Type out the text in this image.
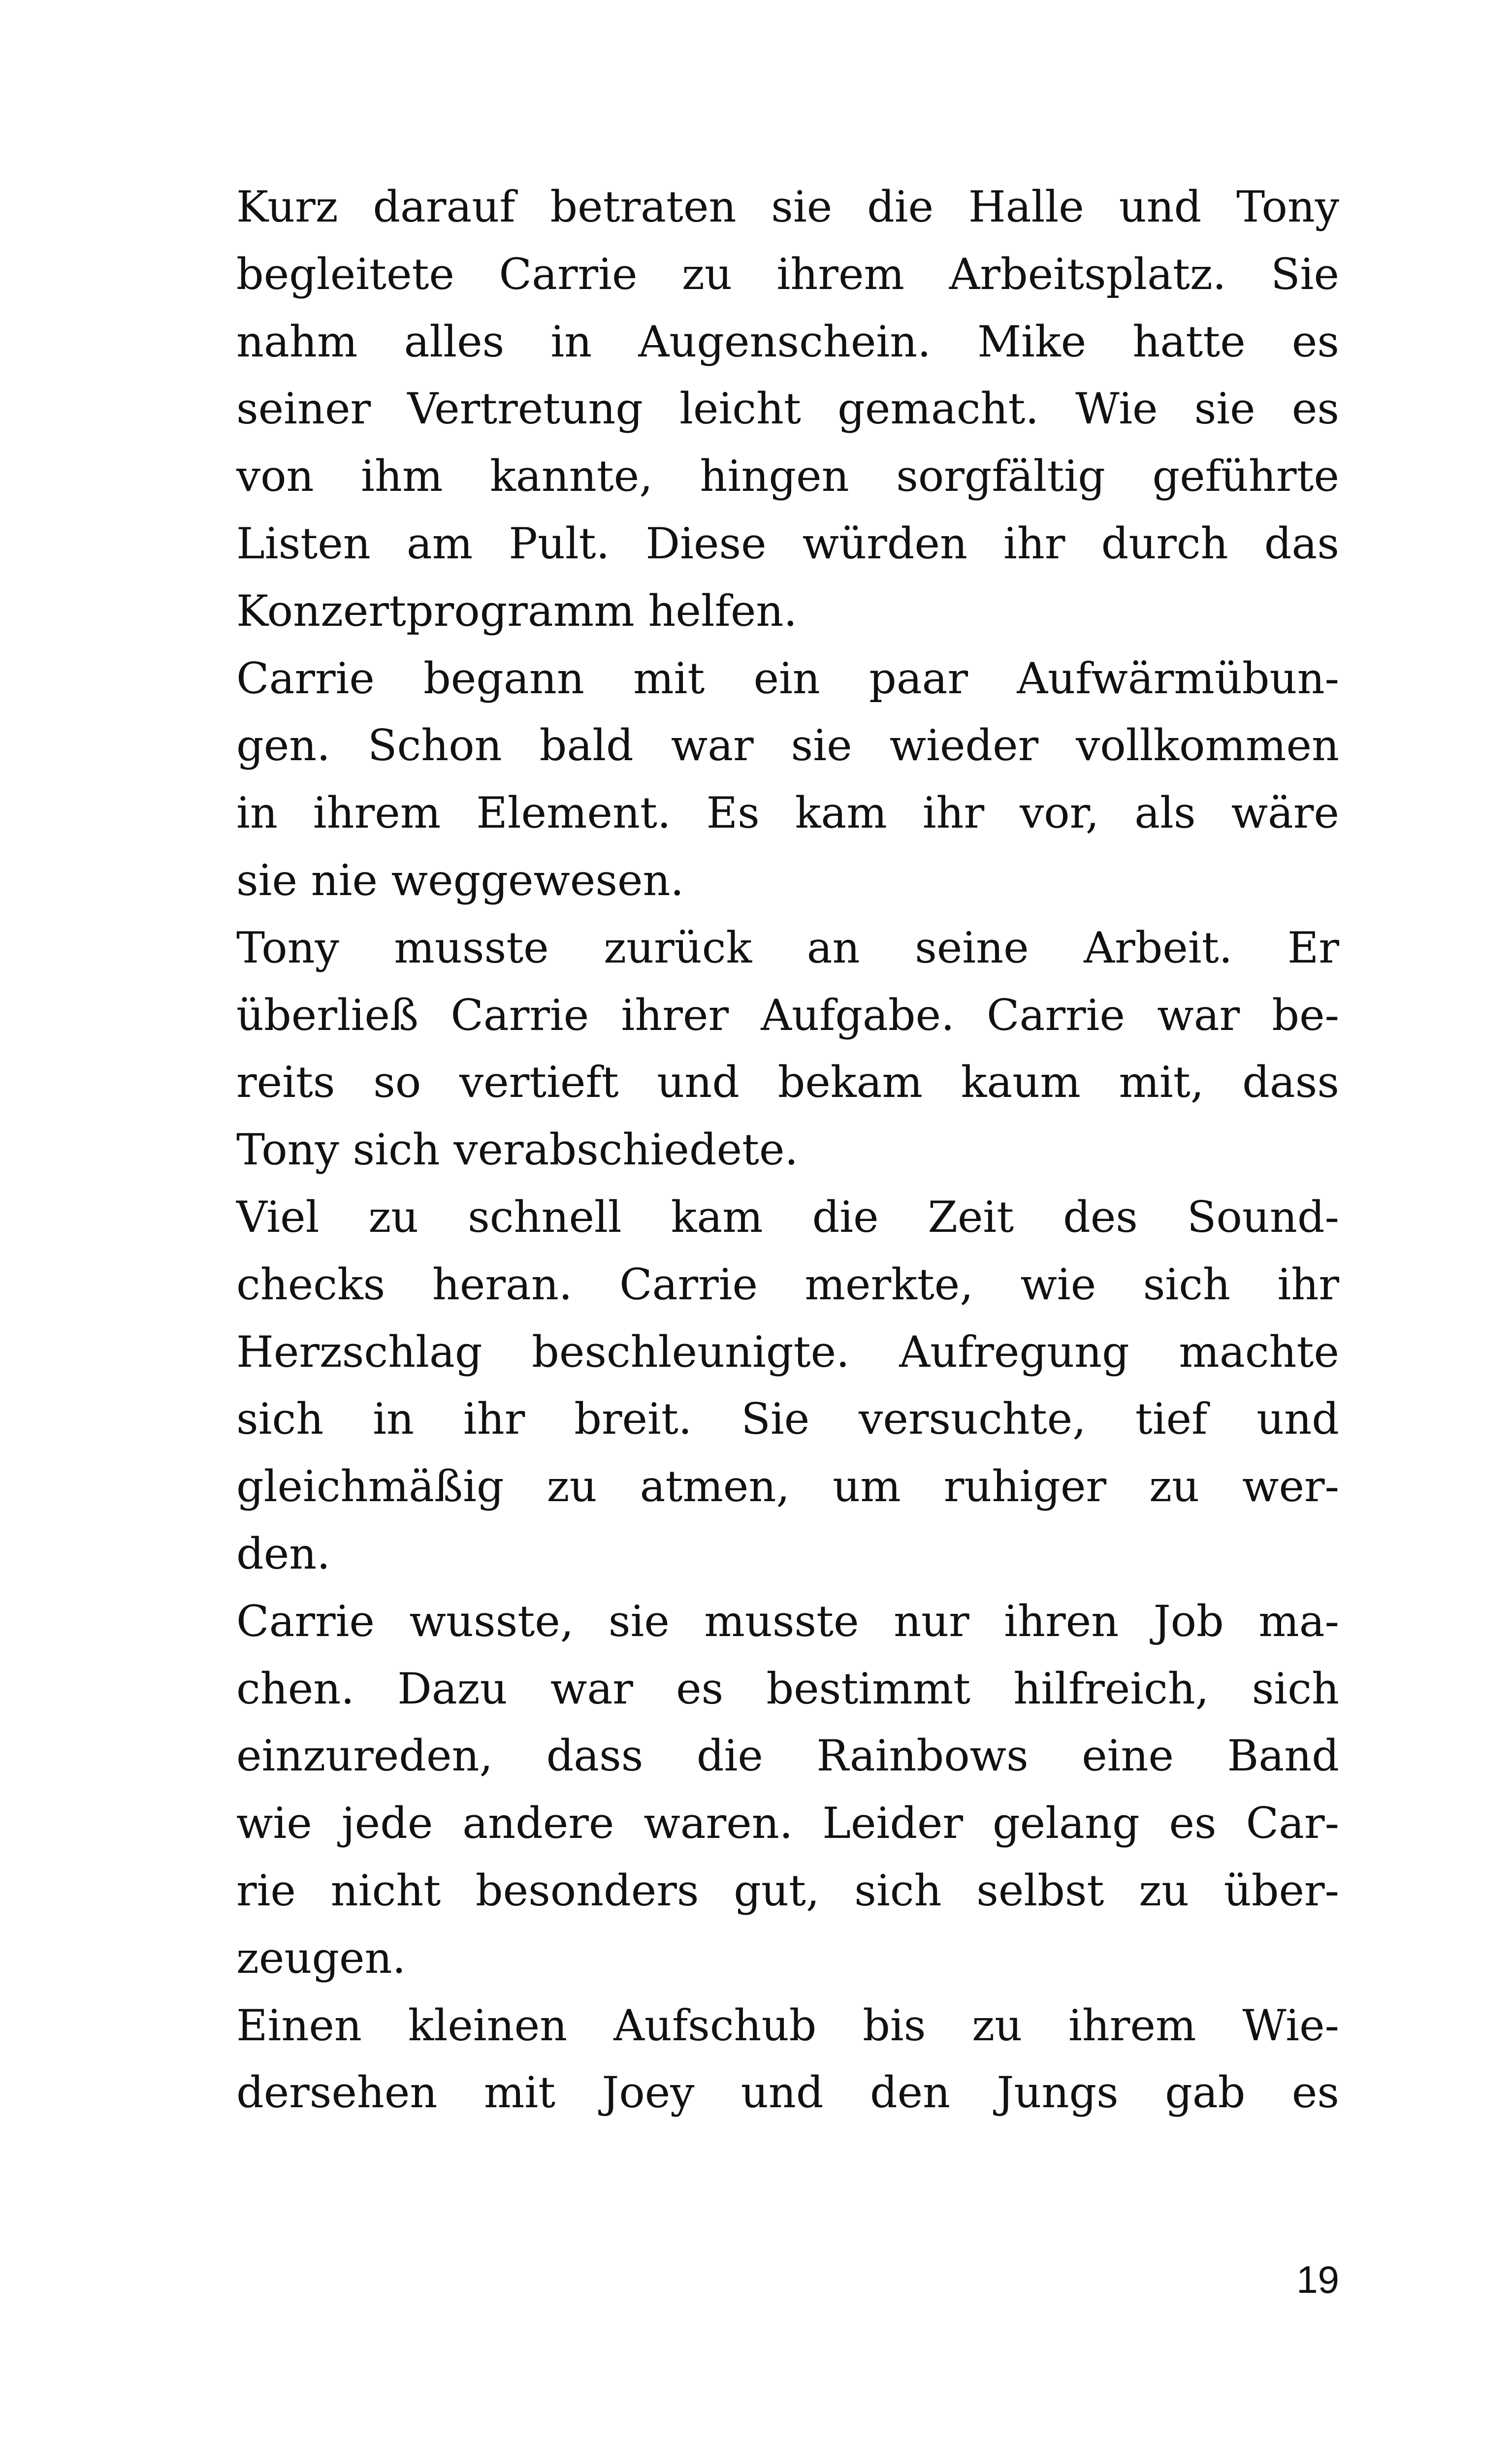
Kurz darauf betraten sie die Halle und Tony
begleitete Carrie zu ihrem Arbeitsplatz. Sie
nahm alles in Augenschein. Mike hatte es
seiner Vertretung leicht gemacht. Wie sie es
von ihm kannte, hingen sorgfältig geführte
Listen am Pult. Diese würden ihr durch das
Konzertprogramm helfen.
Carrie begann mit ein paar Aufwärmübun-
gen. Schon bald war sie wieder vollkommen
in ihrem Element. Es kam ihr vor, als wäre
sie nie weggewesen.
Tony musste zurück an seine Arbeit. Er
überließ Carrie ihrer Aufgabe. Carrie war be-
reits so vertieft und bekam kaum mit, dass
Tony sich verabschiedete.
Viel zu schnell kam die Zeit des Sound-
checks heran. Carrie merkte, wie sich ihr
Herzschlag beschleunigte. Aufregung machte
sich in ihr breit. Sie versuchte, tief und
gleichmäßig zu atmen, um ruhiger zu wer-
den.
Carrie wusste, sie musste nur ihren Job ma-
chen. Dazu war es bestimmt hilfreich, sich
einzureden, dass die Rainbows eine Band
wie jede andere waren. Leider gelang es Car-
rie nicht besonders gut, sich selbst zu über-
zeugen.
Einen kleinen Aufschub bis zu ihrem Wie-
dersehen mit Joey und den Jungs gab es
19
